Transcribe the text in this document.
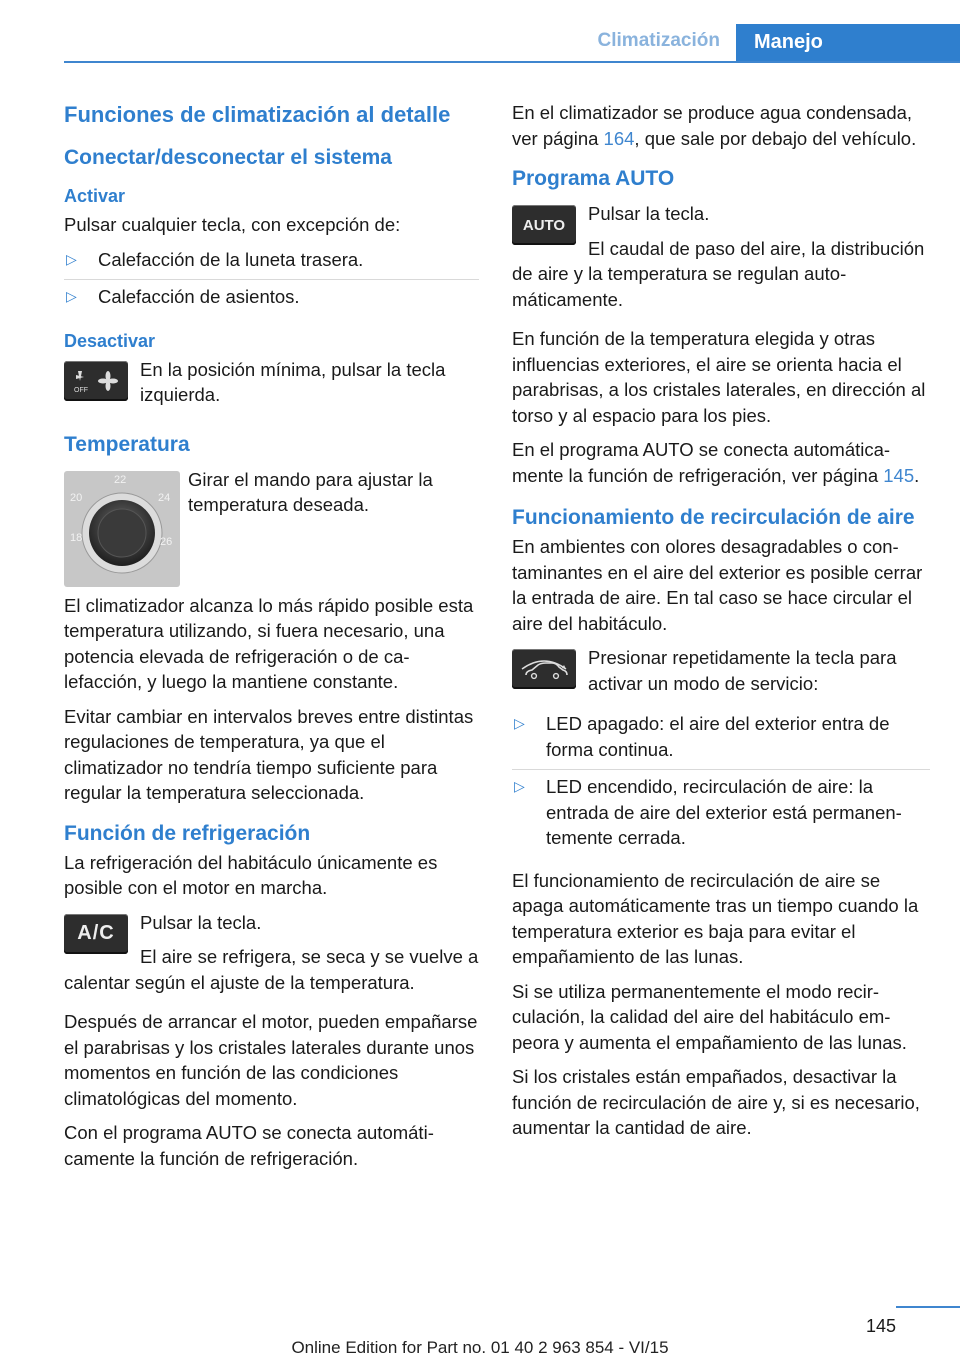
Climatización	Manejo
Funciones de climatización al detalle
Conectar/desconectar el sistema
Activar

Pulsar cualquier tecla, con excepción de:

▷ Calefacción de la luneta trasera.
▷ Calefacción de asientos.
Desactivar
OFF

En la posición mínima, pulsar la tecla izquierda.

Temperatura
18
20
22
24
26

Girar el mando para ajustar la temperatura deseada.

El climatizador alcanza lo más rápido posible esta temperatura utilizando, si fuera necesario, una potencia elevada de refrigeración o de calefacción, y luego la mantiene constante.

Evitar cambiar en intervalos breves entre distintas regulaciones de temperatura, ya que el climatizador no tendría tiempo suficiente para regular la temperatura seleccionada.

Función de refrigeración

La refrigeración del habitáculo únicamente es posible con el motor en marcha.

A/C	Pulsar la tecla.

El aire se refrigera, se seca y se vuelve a calentar según el ajuste de la temperatura.

Después de arrancar el motor, pueden empañarse el parabrisas y los cristales laterales durante unos momentos en función de las condiciones climatológicas del momento.

Con el programa AUTO se conecta automáticamente la función de refrigeración.

En el climatizador se produce agua condensada, ver página 164, que sale por debajo del vehículo.

Programa AUTO
AUTO

Pulsar la tecla.

El caudal de paso del aire, la distribución de aire y la temperatura se regulan automáticamente.

En función de la temperatura elegida y otras influencias exteriores, el aire se orienta hacia el parabrisas, a los cristales laterales, en dirección al torso y al espacio para los pies.

En el programa AUTO se conecta automáticamente la función de refrigeración, ver página 145.

Funcionamiento de recirculación de aire

En ambientes con olores desagradables o contaminantes en el aire del exterior es posible cerrar la entrada de aire. En tal caso se hace circular el aire del habitáculo.

Presionar repetidamente la tecla para activar un modo de servicio:

▷ LED apagado: el aire del exterior entra de forma continua.
▷ LED encendido, recirculación de aire: la entrada de aire del exterior está permanentemente cerrada.

El funcionamiento de recirculación de aire se apaga automáticamente tras un tiempo cuando la temperatura exterior es baja para evitar el empañamiento de las lunas.

Si se utiliza permanentemente el modo recirculación, la calidad del aire del habitáculo empeora y aumenta el empañamiento de las lunas.

Si los cristales están empañados, desactivar la función de recirculación de aire y, si es necesario, aumentar la cantidad de aire.

145
Online Edition for Part no. 01 40 2 963 854 - VI/15
